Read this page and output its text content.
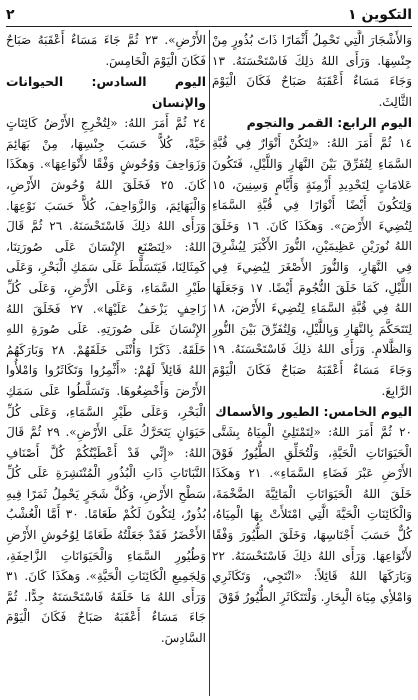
التكوين ١
٢

وَالأَشْجَارَ الَّتِي تَحْمِلُ أَثْمَارًا ذَاتَ بُذُورٍ مِنْ جِنْسِهَا. وَرَأَى اللهُ ذلِكَ فَاسْتَحْسَنَهُ. ١٣ وَجَاءَ مَسَاءٌ أَعْقَبَهُ صَبَاحٌ فَكَانَ الْيَوْمَ الثَّالِثَ.

اليوم الرابع: القمر والنجوم

١٤ ثُمَّ أَمَرَ اللهُ: «لِتَكُنْ أَنْوَارٌ فِي قُبَّةِ السَّمَاءِ لِتُفَرِّقَ بَيْنَ النَّهَارِ وَاللَّيْلِ، فَتَكُونَ عَلامَاتٍ لِتَحْدِيدِ أَزْمِنَةٍ وَأَيَّامٍ وَسِنِينَ، ١٥ وَلِتَكُونَ أَيْضًا أَنْوَارًا فِي قُبَّةِ السَّمَاءِ لِتُضِيءَ الأَرْضَ». وَهكَذَا كَانَ. ١٦ وَخَلَقَ اللهُ نُورَيْنِ عَظِيمَيْنِ، النُّورَ الأَكْبَرَ لِيُشْرِقَ فِي النَّهَارِ، وَالنُّورَ الأَصْغَرَ لِيُضِيءَ فِي اللَّيْلِ، كَمَا خَلَقَ النُّجُومَ أَيْضًا. ١٧ وَجَعَلَهَا اللهُ فِي قُبَّةِ السَّمَاءِ لِتُضِيءَ الأَرْضَ، ١٨ لِتَتَحَكَّمَ بِالنَّهَارِ وَبِاللَّيْلِ، وَلِتُفَرِّقَ بَيْنَ النُّورِ وَالظَّلامِ. وَرَأَى اللهُ ذلِكَ فَاسْتَحْسَنَهُ. ١٩ وَجَاءَ مَسَاءٌ أَعْقَبَهُ صَبَاحٌ فَكَانَ الْيَوْمَ الرَّابِعَ.

اليوم الخامس: الطيور والأسماك

٢٠ ثُمَّ أَمَرَ اللهُ: «لِتَمْتَلِئِ الْمِيَاهُ بِشَتَّى الْحَيَوَانَاتِ الْحَيَّةِ، وَلْتُحَلِّقِ الطُّيُورُ فَوْقَ الأَرْضِ عَبْرَ فَضَاءِ السَّمَاءِ». ٢١ وَهكَذَا خَلَقَ اللهُ الْحَيَوَانَاتِ الْمَائِيَّةَ الضَّخْمَةَ، وَالْكَائِنَاتِ الْحَيَّةَ الَّتِي امْتَلأَتْ بِهَا الْمِيَاهُ، كُلٌّ حَسَبَ أَجْنَاسِهَا، وَخَلَقَ الطُّيُورَ وَفْقًا لأَنْوَاعِهَا. وَرَأَى اللهُ ذلِكَ فَاسْتَحْسَنَهُ. ٢٢ وَبَارَكَهَا اللهُ قَائِلاً: «انْتَجِي، وَتَكَاثَرِي وَامْلأِي مِيَاهَ الْبِحَارِ. وَلْتَتَكَاثَرِ الطُّيُورُ فَوْقَ

الأَرْضِ». ٢٣ ثُمَّ جَاءَ مَسَاءٌ أَعْقَبَهُ صَبَاحٌ فَكَانَ الْيَوْمَ الْخَامِسَ.

اليوم السادس: الحيوانات والإنسان

٢٤ ثُمَّ أَمَرَ اللهُ: «لِتُخْرِجِ الأَرْضُ كَائِنَاتٍ حَيَّةً، كُلاًّ حَسَبَ جِنْسِهَا، مِنْ بَهَائِمَ وَزَوَاحِفَ وَوُحُوشٍ وَفْقًا لأَنْوَاعِهَا». وَهكَذَا كَانَ. ٢٥ فَخَلَقَ اللهُ وُحُوشَ الأَرْضِ، وَالْبَهَائِمَ، وَالزَّوَاحِفَ، كُلاًّ حَسَبَ نَوْعِهَا. وَرَأَى اللهُ ذلِكَ فَاسْتَحْسَنَهُ. ٢٦ ثُمَّ قَالَ اللهُ: «لِنَصْنَعِ الإِنْسَانَ عَلَى صُورَتِنَا، كَمِثَالِنَا، فَيَتَسَلَّطَ عَلَى سَمَكِ الْبَحْرِ، وَعَلَى طَيْرِ السَّمَاءِ، وَعَلَى الأَرْضِ، وَعَلَى كُلِّ زَاحِفٍ يَزْحَفُ عَلَيْهَا». ٢٧ فَخَلَقَ اللهُ الإِنْسَانَ عَلَى صُورَتِهِ. عَلَى صُورَةِ اللهِ خَلَقَهُ. ذَكَرًا وَأُنْثَى خَلَقَهُمْ. ٢٨ وَبَارَكَهُمُ اللهُ قَائِلاً لَهُمْ: «أَثْمِرُوا وَتَكَاثَرُوا وَامْلأُوا الأَرْضَ وَأَخْضِعُوهَا. وَتَسَلَّطُوا عَلَى سَمَكِ الْبَحْرِ، وَعَلَى طَيْرِ السَّمَاءِ، وَعَلَى كُلِّ حَيَوَانٍ يَتَحَرَّكُ عَلَى الأَرْضِ». ٢٩ ثُمَّ قَالَ اللهُ: «إِنِّي قَدْ أَعْطَيْتُكُمْ كُلَّ أَصْنَافِ النَّبَاتَاتِ ذَاتِ الْبُذُورِ الْمُنْتَشِرَةِ عَلَى كُلِّ سَطْحِ الأَرْضِ، وَكُلَّ شَجَرٍ يَحْمِلُ ثَمَرًا فِيهِ بُذُورٌ، لِتَكُونَ لَكُمْ طَعَامًا. ٣٠ أَمَّا الْعُشْبُ الأَخْضَرُ فَقَدْ جَعَلْتُهُ طَعَامًا لِوُحُوشِ الأَرْضِ وَطُيُورِ السَّمَاءِ وَالْحَيَوَانَاتِ الزَّاحِفَةِ، وَلِجَمِيعِ الْكَائِنَاتِ الْحَيَّةِ». وَهكَذَا كَانَ. ٣١ وَرَأَى اللهُ مَا خَلَقَهُ فَاسْتَحْسَنَهُ جِدًّا. ثُمَّ جَاءَ مَسَاءٌ أَعْقَبَهُ صَبَاحٌ فَكَانَ الْيَوْمَ السَّادِسَ.
